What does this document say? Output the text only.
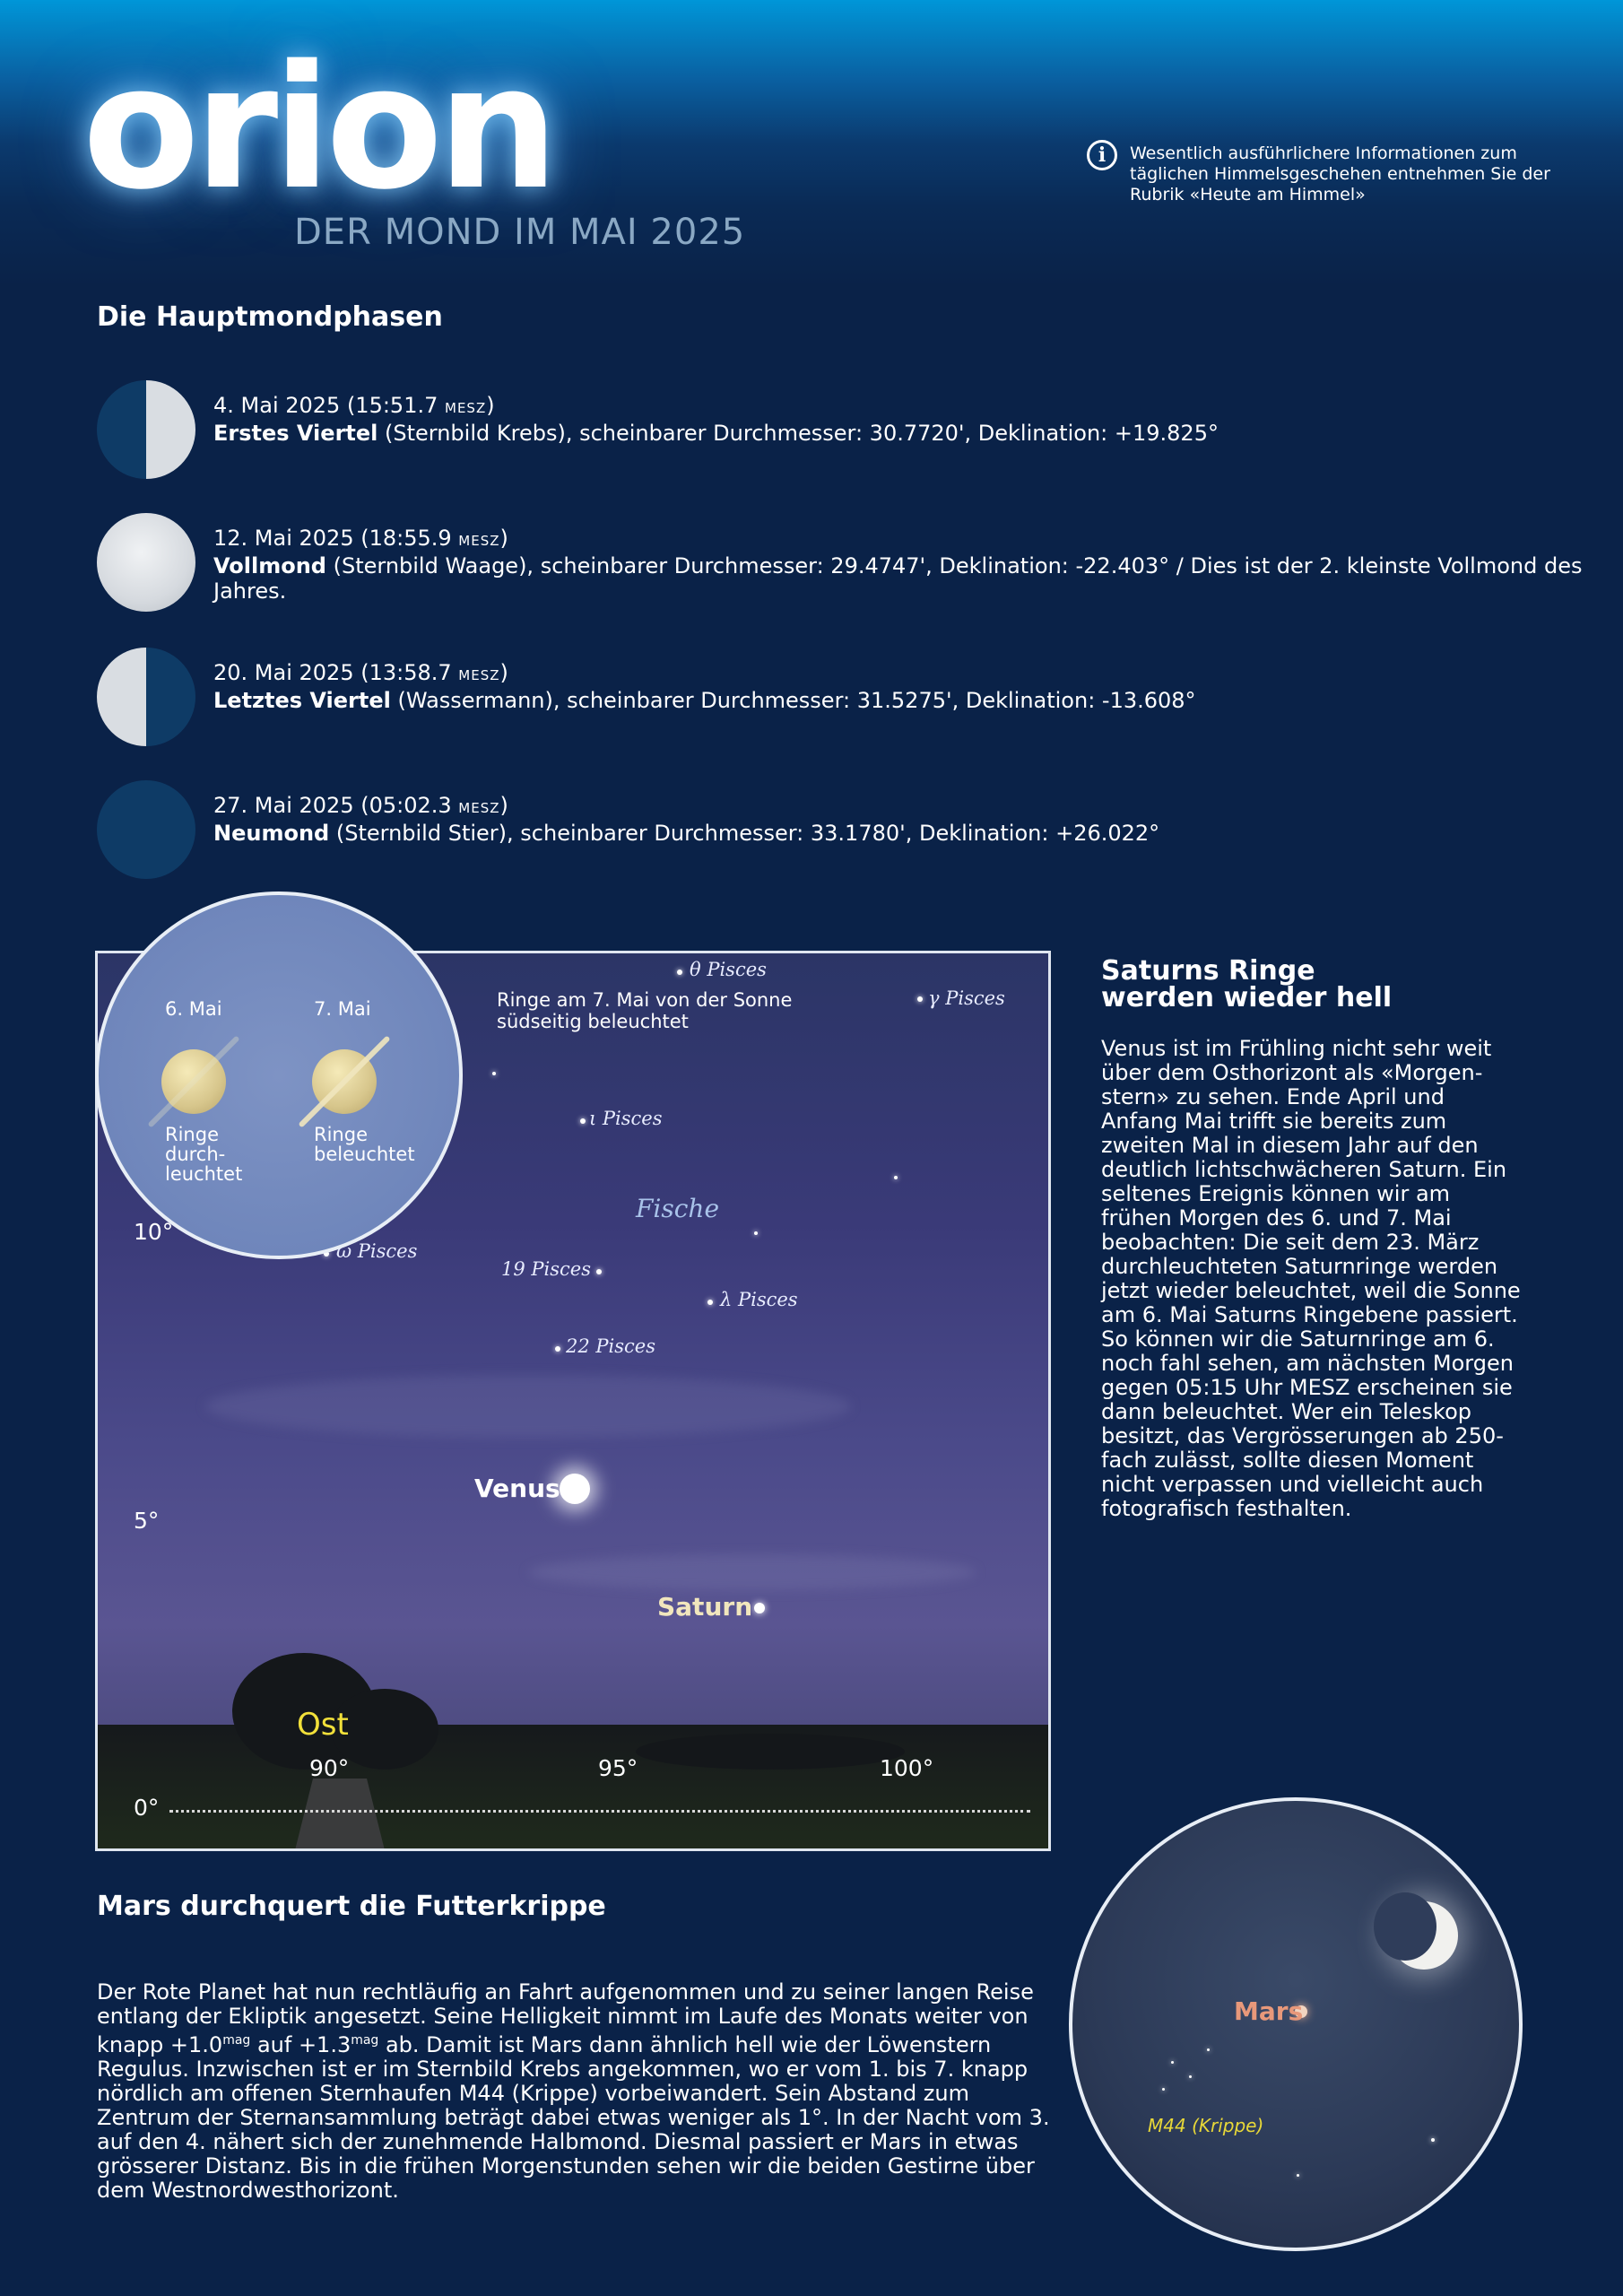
orion
DER MOND IM MAI 2025
i	Wesentlich ausführlichere Informationen zum täglichen Himmelsgeschehen entnehmen Sie der Rubrik «Heute am Himmel»
Die Hauptmondphasen
4. Mai 2025 (15:51.7 MESZ)
Erstes Viertel (Sternbild Krebs), scheinbarer Durchmesser: 30.7720', Deklination: +19.825°
12. Mai 2025 (18:55.9 MESZ)
Vollmond (Sternbild Waage), scheinbarer Durchmesser: 29.4747', Deklination: -22.403° / Dies ist der 2. kleinste Vollmond des Jahres.
20. Mai 2025 (13:58.7 MESZ)
Letztes Viertel (Wassermann), scheinbarer Durchmesser: 31.5275', Deklination: -13.608°
27. Mai 2025 (05:02.3 MESZ)
Neumond (Sternbild Stier), scheinbarer Durchmesser: 33.1780', Deklination: +26.022°
θ Pisces
γ Pisces
ι Pisces
ω Pisces
19 Pisces
λ Pisces
22 Pisces
Fische
Ringe am 7. Mai von der Sonne südseitig beleuchtet
Venus
Saturn
Ost
10°
5°
0°
90°	95°	100°
6. Mai	7. Mai
Ringe
durch-
leuchtet
Ringe
beleuchtet
Saturns Ringe werden wieder hell
Venus ist im Frühling nicht sehr weit über dem Osthorizont als «Morgen-stern» zu sehen. Ende April und Anfang Mai trifft sie bereits zum zweiten Mal in diesem Jahr auf den deutlich lichtschwächeren Saturn. Ein seltenes Ereignis können wir am frühen Morgen des 6. und 7. Mai beobachten: Die seit dem 23. März durchleuchteten Saturnringe werden jetzt wieder beleuchtet, weil die Sonne am 6. Mai Saturns Ringebene passiert. So können wir die Saturnringe am 6. noch fahl sehen, am nächsten Morgen gegen 05:15 Uhr MESZ erscheinen sie dann beleuchtet. Wer ein Teleskop besitzt, das Vergrösserungen ab 250-fach zulässt, sollte diesen Moment nicht verpassen und vielleicht auch fotografisch festhalten.
Mars durchquert die Futterkrippe
Der Rote Planet hat nun rechtläufig an Fahrt aufgenommen und zu seiner langen Reise entlang der Ekliptik angesetzt. Seine Helligkeit nimmt im Laufe des Monats weiter von knapp $+1.0^{mag}$ auf $+1.3^{mag}$ ab. Damit ist Mars dann ähnlich hell wie der Löwenstern Regulus. Inzwischen ist er im Sternbild Krebs angekommen, wo er vom 1. bis 7. knapp nördlich am offenen Sternhaufen M44 (Krippe) vorbeiwandert. Sein Abstand zum Zentrum der Sternansammlung beträgt dabei etwas weniger als 1°. In der Nacht vom 3. auf den 4. nähert sich der zunehmende Halbmond. Diesmal passiert er Mars in etwas grösserer Distanz. Bis in die frühen Morgenstunden sehen wir die beiden Gestirne über dem Westnordwesthorizont.
Mars
M44 (Krippe)
